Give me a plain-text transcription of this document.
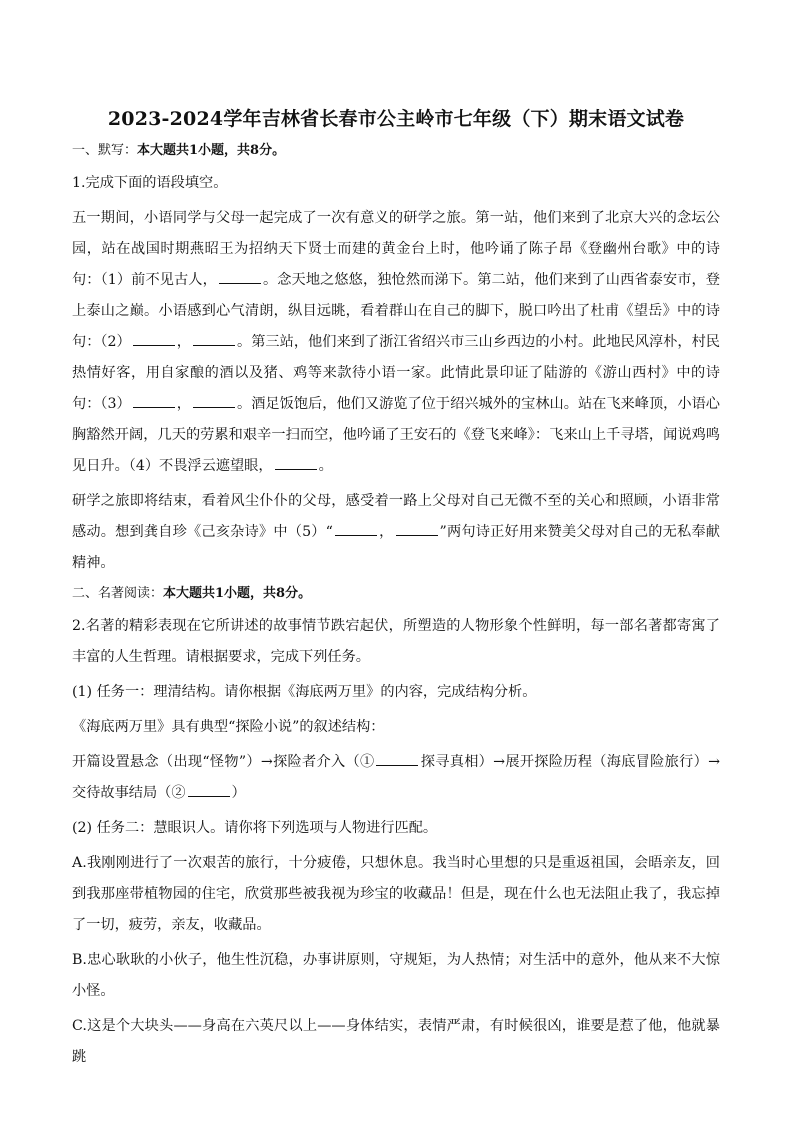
2023-2024学年吉林省长春市公主岭市七年级（下）期末语文试卷
一、默写：本大题共1小题，共8分。

1.完成下面的语段填空。

五一期间，小语同学与父母一起完成了一次有意义的研学之旅。第一站，他们来到了北京大兴的念坛公园，站在战国时期燕昭王为招纳天下贤士而建的黄金台上时，他吟诵了陈子昂《登幽州台歌》中的诗句：（1）前不见古人，	。念天地之悠悠，独怆然而涕下。第二站，他们来到了山西省泰安市，登上泰山之巅。小语感到心气清朗，纵目远眺，看着群山在自己的脚下，脱口吟出了杜甫《望岳》中的诗句：（2）	，	。第三站，他们来到了浙江省绍兴市三山乡西边的小村。此地民风淳朴，村民热情好客，用自家酿的酒以及猪、鸡等来款待小语一家。此情此景印证了陆游的《游山西村》中的诗句：（3）	，	。酒足饭饱后，他们又游览了位于绍兴城外的宝林山。站在飞来峰顶，小语心胸豁然开阔，几天的劳累和艰辛一扫而空，他吟诵了王安石的《登飞来峰》：飞来山上千寻塔，闻说鸡鸣见日升。（4）不畏浮云遮望眼，	。

研学之旅即将结束，看着风尘仆仆的父母，感受着一路上父母对自己无微不至的关心和照顾，小语非常感动。想到龚自珍《己亥杂诗》中（5）“	，	”两句诗正好用来赞美父母对自己的无私奉献精神。

二、名著阅读：本大题共1小题，共8分。

2.名著的精彩表现在它所讲述的故事情节跌宕起伏，所塑造的人物形象个性鲜明，每一部名著都寄寓了丰富的人生哲理。请根据要求，完成下列任务。

(1) 任务一：理清结构。请你根据《海底两万里》的内容，完成结构分析。

《海底两万里》具有典型“探险小说”的叙述结构：

开篇设置悬念（出现“怪物”）→探险者介入（①	探寻真相）→展开探险历程（海底冒险旅行）→交待故事结局（②	）

(2) 任务二：慧眼识人。请你将下列选项与人物进行匹配。

A.我刚刚进行了一次艰苦的旅行，十分疲倦，只想休息。我当时心里想的只是重返祖国，会晤亲友，回到我那座带植物园的住宅，欣赏那些被我视为珍宝的收藏品！但是，现在什么也无法阻止我了，我忘掉了一切，疲劳，亲友，收藏品。

B.忠心耿耿的小伙子，他生性沉稳，办事讲原则，守规矩，为人热情；对生活中的意外，他从来不大惊小怪。

C.这是个大块头——身高在六英尺以上——身体结实，表情严肃，有时候很凶，谁要是惹了他，他就暴跳
